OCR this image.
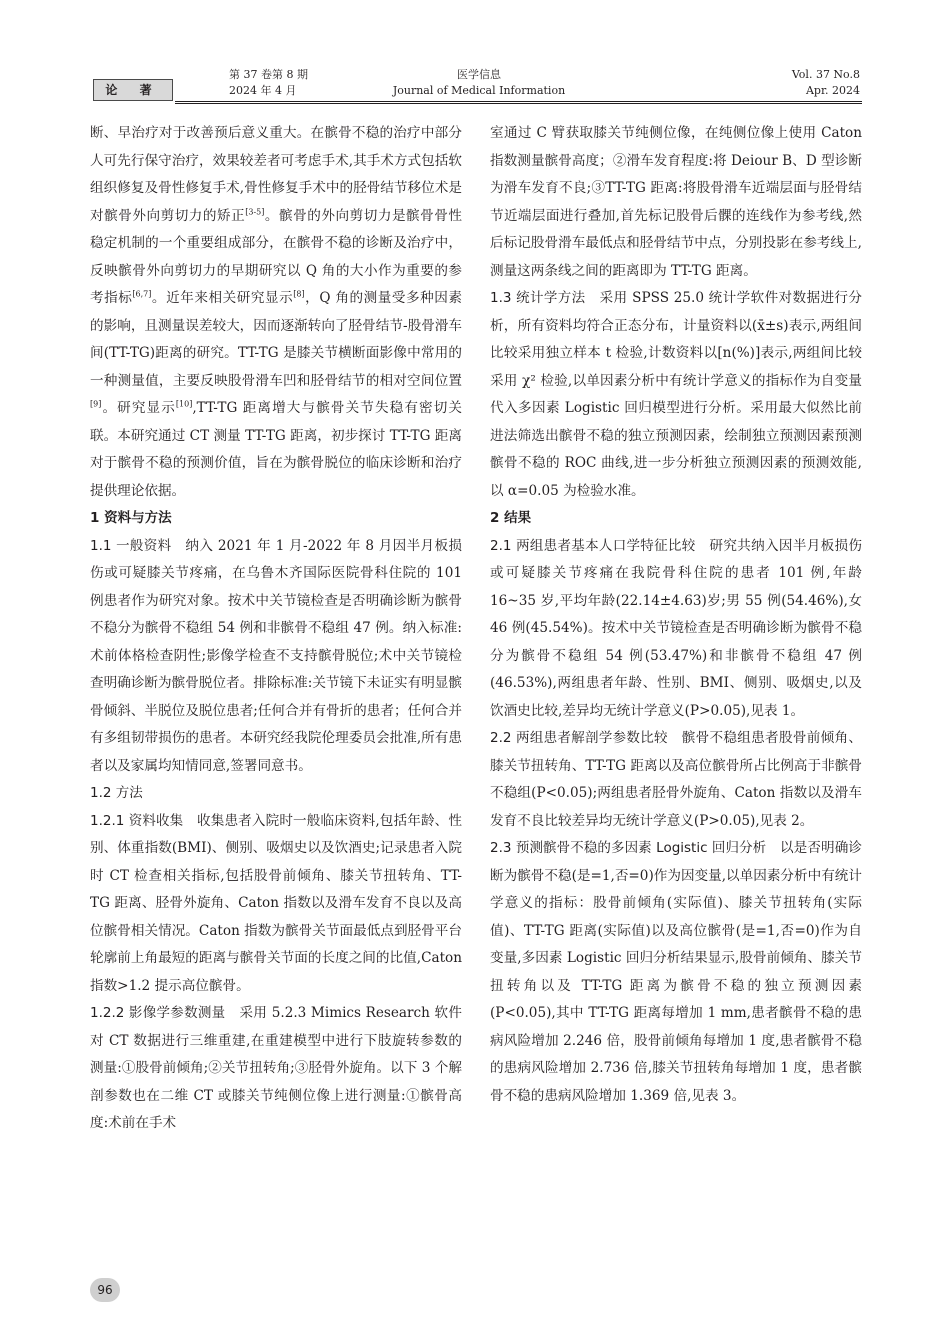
论 著
第 37 卷第 8 期
2024 年 4 月
医学信息
Journal of Medical Information
Vol. 37 No.8
Apr. 2024

断、早治疗对于改善预后意义重大。在髌骨不稳的治疗中部分人可先行保守治疗，效果较差者可考虑手术,其手术方式包括软组织修复及骨性修复手术,骨性修复手术中的胫骨结节移位术是对髌骨外向剪切力的矫正[3-5]。髌骨的外向剪切力是髌骨骨性稳定机制的一个重要组成部分，在髌骨不稳的诊断及治疗中，反映髌骨外向剪切力的早期研究以 Q 角的大小作为重要的参考指标[6,7]。近年来相关研究显示[8]，Q 角的测量受多种因素的影响，且测量误差较大，因而逐渐转向了胫骨结节-股骨滑车间(TT-TG)距离的研究。TT-TG 是膝关节横断面影像中常用的一种测量值，主要反映股骨滑车凹和胫骨结节的相对空间位置[9]。研究显示[10],TT-TG 距离增大与髌骨关节失稳有密切关联。本研究通过 CT 测量 TT-TG 距离，初步探讨 TT-TG 距离对于髌骨不稳的预测价值，旨在为髌骨脱位的临床诊断和治疗提供理论依据。

1 资料与方法

1.1 一般资料　纳入 2021 年 1 月-2022 年 8 月因半月板损伤或可疑膝关节疼痛，在乌鲁木齐国际医院骨科住院的 101 例患者作为研究对象。按术中关节镜检查是否明确诊断为髌骨不稳分为髌骨不稳组 54 例和非髌骨不稳组 47 例。纳入标准:术前体格检查阴性;影像学检查不支持髌骨脱位;术中关节镜检查明确诊断为髌骨脱位者。排除标准:关节镜下未证实有明显髌骨倾斜、半脱位及脱位患者;任何合并有骨折的患者；任何合并有多组韧带损伤的患者。本研究经我院伦理委员会批准,所有患者以及家属均知情同意,签署同意书。

1.2 方法

1.2.1 资料收集　收集患者入院时一般临床资料,包括年龄、性别、体重指数(BMI)、侧别、吸烟史以及饮酒史;记录患者入院时 CT 检查相关指标,包括股骨前倾角、膝关节扭转角、TT-TG 距离、胫骨外旋角、Caton 指数以及滑车发育不良以及高位髌骨相关情况。Caton 指数为髌骨关节面最低点到胫骨平台轮廓前上角最短的距离与髌骨关节面的长度之间的比值,Caton 指数>1.2 提示高位髌骨。

1.2.2 影像学参数测量　采用 5.2.3 Mimics Research 软件对 CT 数据进行三维重建,在重建模型中进行下肢旋转参数的测量:①股骨前倾角;②关节扭转角;③胫骨外旋角。以下 3 个解剖参数也在二维 CT 或膝关节纯侧位像上进行测量:①髌骨高度:术前在手术

室通过 C 臂获取膝关节纯侧位像，在纯侧位像上使用 Caton 指数测量髌骨高度；②滑车发育程度:将 Deiour B、D 型诊断为滑车发育不良;③TT-TG 距离:将股骨滑车近端层面与胫骨结节近端层面进行叠加,首先标记股骨后髁的连线作为参考线,然后标记股骨滑车最低点和胫骨结节中点，分别投影在参考线上,测量这两条线之间的距离即为 TT-TG 距离。

1.3 统计学方法　采用 SPSS 25.0 统计学软件对数据进行分析，所有资料均符合正态分布，计量资料以(x̄±s)表示,两组间比较采用独立样本 t 检验,计数资料以[n(%)]表示,两组间比较采用 χ² 检验,以单因素分析中有统计学意义的指标作为自变量代入多因素 Logistic 回归模型进行分析。采用最大似然比前进法筛选出髌骨不稳的独立预测因素，绘制独立预测因素预测髌骨不稳的 ROC 曲线,进一步分析独立预测因素的预测效能,以 α=0.05 为检验水准。

2 结果

2.1 两组患者基本人口学特征比较　研究共纳入因半月板损伤或可疑膝关节疼痛在我院骨科住院的患者 101 例,年龄 16~35 岁,平均年龄(22.14±4.63)岁;男 55 例(54.46%),女 46 例(45.54%)。按术中关节镜检查是否明确诊断为髌骨不稳分为髌骨不稳组 54 例(53.47%)和非髌骨不稳组 47 例(46.53%),两组患者年龄、性别、BMI、侧别、吸烟史,以及饮酒史比较,差异均无统计学意义(P>0.05),见表 1。

2.2 两组患者解剖学参数比较　髌骨不稳组患者股骨前倾角、膝关节扭转角、TT-TG 距离以及高位髌骨所占比例高于非髌骨不稳组(P<0.05);两组患者胫骨外旋角、Caton 指数以及滑车发育不良比较差异均无统计学意义(P>0.05),见表 2。

2.3 预测髌骨不稳的多因素 Logistic 回归分析　以是否明确诊断为髌骨不稳(是=1,否=0)作为因变量,以单因素分析中有统计学意义的指标：股骨前倾角(实际值)、膝关节扭转角(实际值)、TT-TG 距离(实际值)以及高位髌骨(是=1,否=0)作为自变量,多因素 Logistic 回归分析结果显示,股骨前倾角、膝关节扭转角以及 TT-TG 距离为髌骨不稳的独立预测因素(P<0.05),其中 TT-TG 距离每增加 1 mm,患者髌骨不稳的患病风险增加 2.246 倍，股骨前倾角每增加 1 度,患者髌骨不稳的患病风险增加 2.736 倍,膝关节扭转角每增加 1 度，患者髌骨不稳的患病风险增加 1.369 倍,见表 3。

96
